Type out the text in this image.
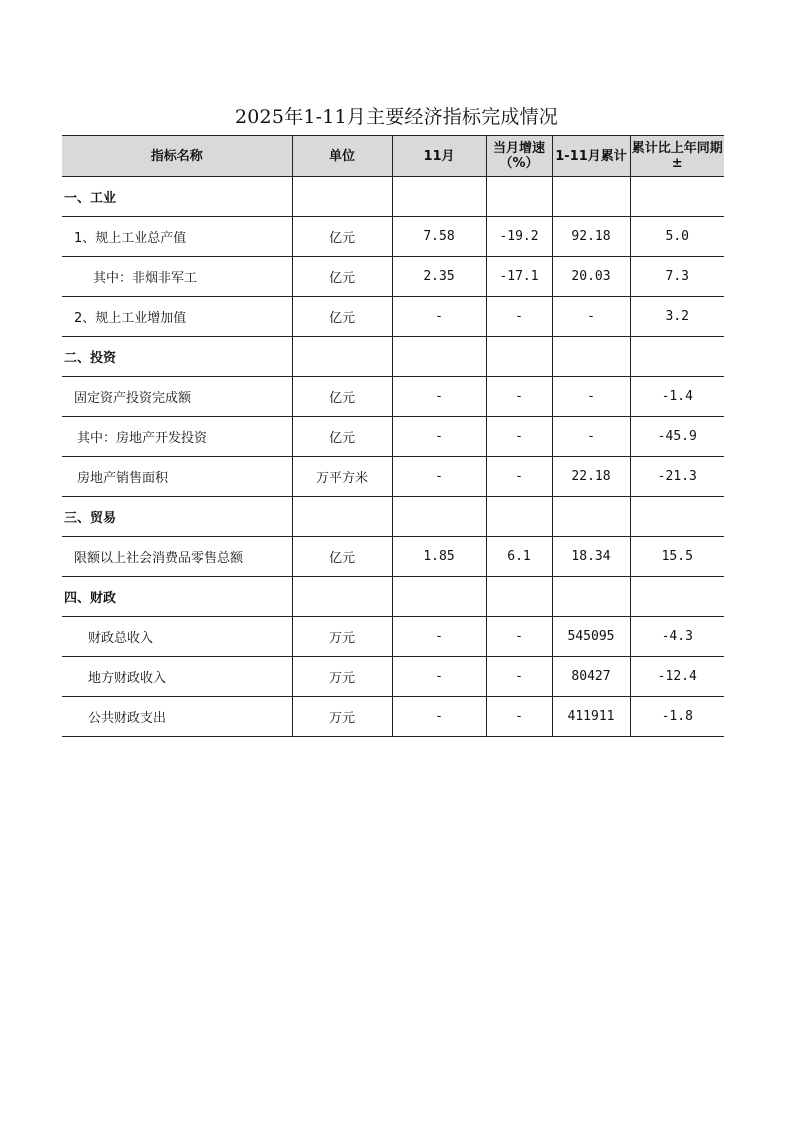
2025年1-11月主要经济指标完成情况
指标名称	单位	11月	当月增速（%）	1-11月累计	累计比上年同期±
一、工业					
1、规上工业总产值	亿元	7.58	-19.2	92.18	5.0
其中：非烟非军工	亿元	2.35	-17.1	20.03	7.3
2、规上工业增加值	亿元	-	-	-	3.2
二、投资					
固定资产投资完成额	亿元	-	-	-	-1.4
其中：房地产开发投资	亿元	-	-	-	-45.9
房地产销售面积	万平方米	-	-	22.18	-21.3
三、贸易					
限额以上社会消费品零售总额	亿元	1.85	6.1	18.34	15.5
四、财政					
财政总收入	万元	-	-	545095	-4.3
地方财政收入	万元	-	-	80427	-12.4
公共财政支出	万元	-	-	411911	-1.8
